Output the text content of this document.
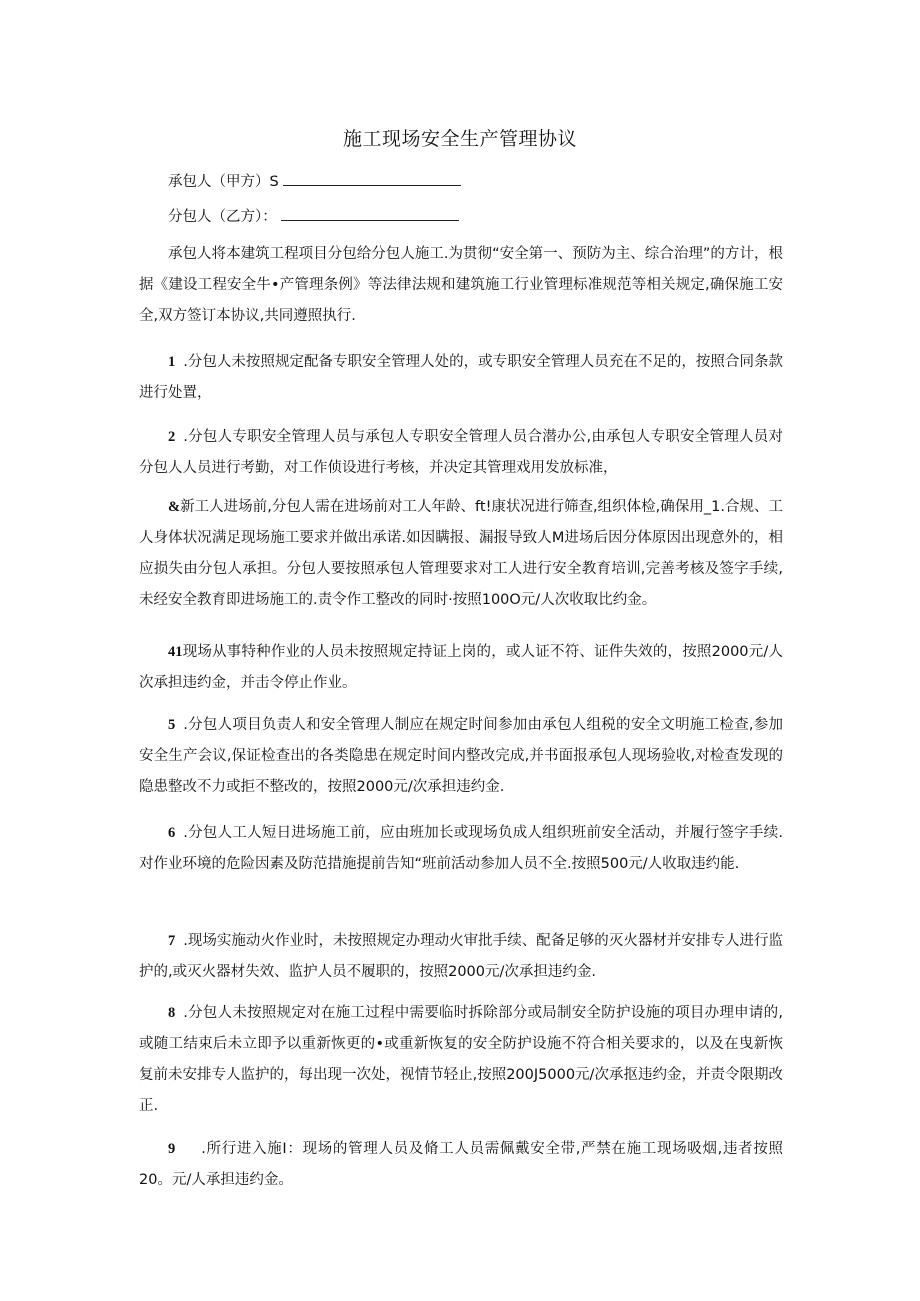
施工现场安全生产管理协议
承包人（甲方）S
分包人（乙方）：

承包人将本建筑工程项目分包给分包人施工.为贯彻“安全第一、预防为主、综合治理”的方计，根据《建设工程安全牛•产管理条例》等法律法规和建筑施工行业管理标准规范等相关规定,确保施工安全,双方签订本协议,共同遵照执行.

1 .分包人未按照规定配备专职安全管理人处的，或专职安全管理人员充在不足的，按照合同条款进行处置，

2 .分包人专职安全管理人员与承包人专职安全管理人员合潜办公,由承包人专职安全管理人员对分包人人员进行考勤，对工作侦设进行考核，并决定其管理戏用发放标准，

&新工人进场前,分包人需在进场前对工人年龄、ft!康状况进行筛查,组织体检,确保用_1.合规、工人身体状况满足现场施工要求并做出承诺.如因瞒报、漏报导致人M进场后因分体原因出现意外的，相应损失由分包人承担。分包人要按照承包人管理要求对工人进行安全教育培训,完善考核及签字手续,未经安全教育即进场施工的.责令作工整改的同时·按照100O元/人次收取比约金。

41现场从事特种作业的人员未按照规定持证上岗的，或人证不符、证件失效的，按照2000元/人次承担违约金，并击令停止作业。

5 .分包人项目负责人和安全管理人制应在规定时间参加由承包人组税的安全文明施工检查,参加安全生产会议,保证检查出的各类隐患在规定时间内整改完成,并书面报承包人现场验收,对检查发现的隐患整改不力或拒不整改的，按照2000元/次承担违约金.

6 .分包人工人短日进场施工前，应由班加长或现场负成人组织班前安全活动，并履行签字手续.对作业环境的危险因素及防范措施提前告知“班前活动参加人员不全.按照500元/人收取违约能.

7 .现场实施动火作业时，未按照规定办理动火审批手续、配备足够的灭火器材并安排专人进行监护的,或灭火器材失效、监护人员不履职的，按照2000元/次承担违约金.

8 .分包人未按照规定对在施工过程中需要临时拆除部分或局制安全防护设施的项目办理申请的,或随工结束后未立即予以重新恢更的•或重新恢复的安全防护设施不符合相关要求的，以及在曳新恢复前未安排专人监护的，每出现一次处，视情节轻止,按照200J5000元/次承抠违约金，并责令限期改正.

9 .所行进入施I：现场的管理人员及脩工人员需佩戴安全带,严禁在施工现场吸烟,违者按照20。元/人承担违约金。
